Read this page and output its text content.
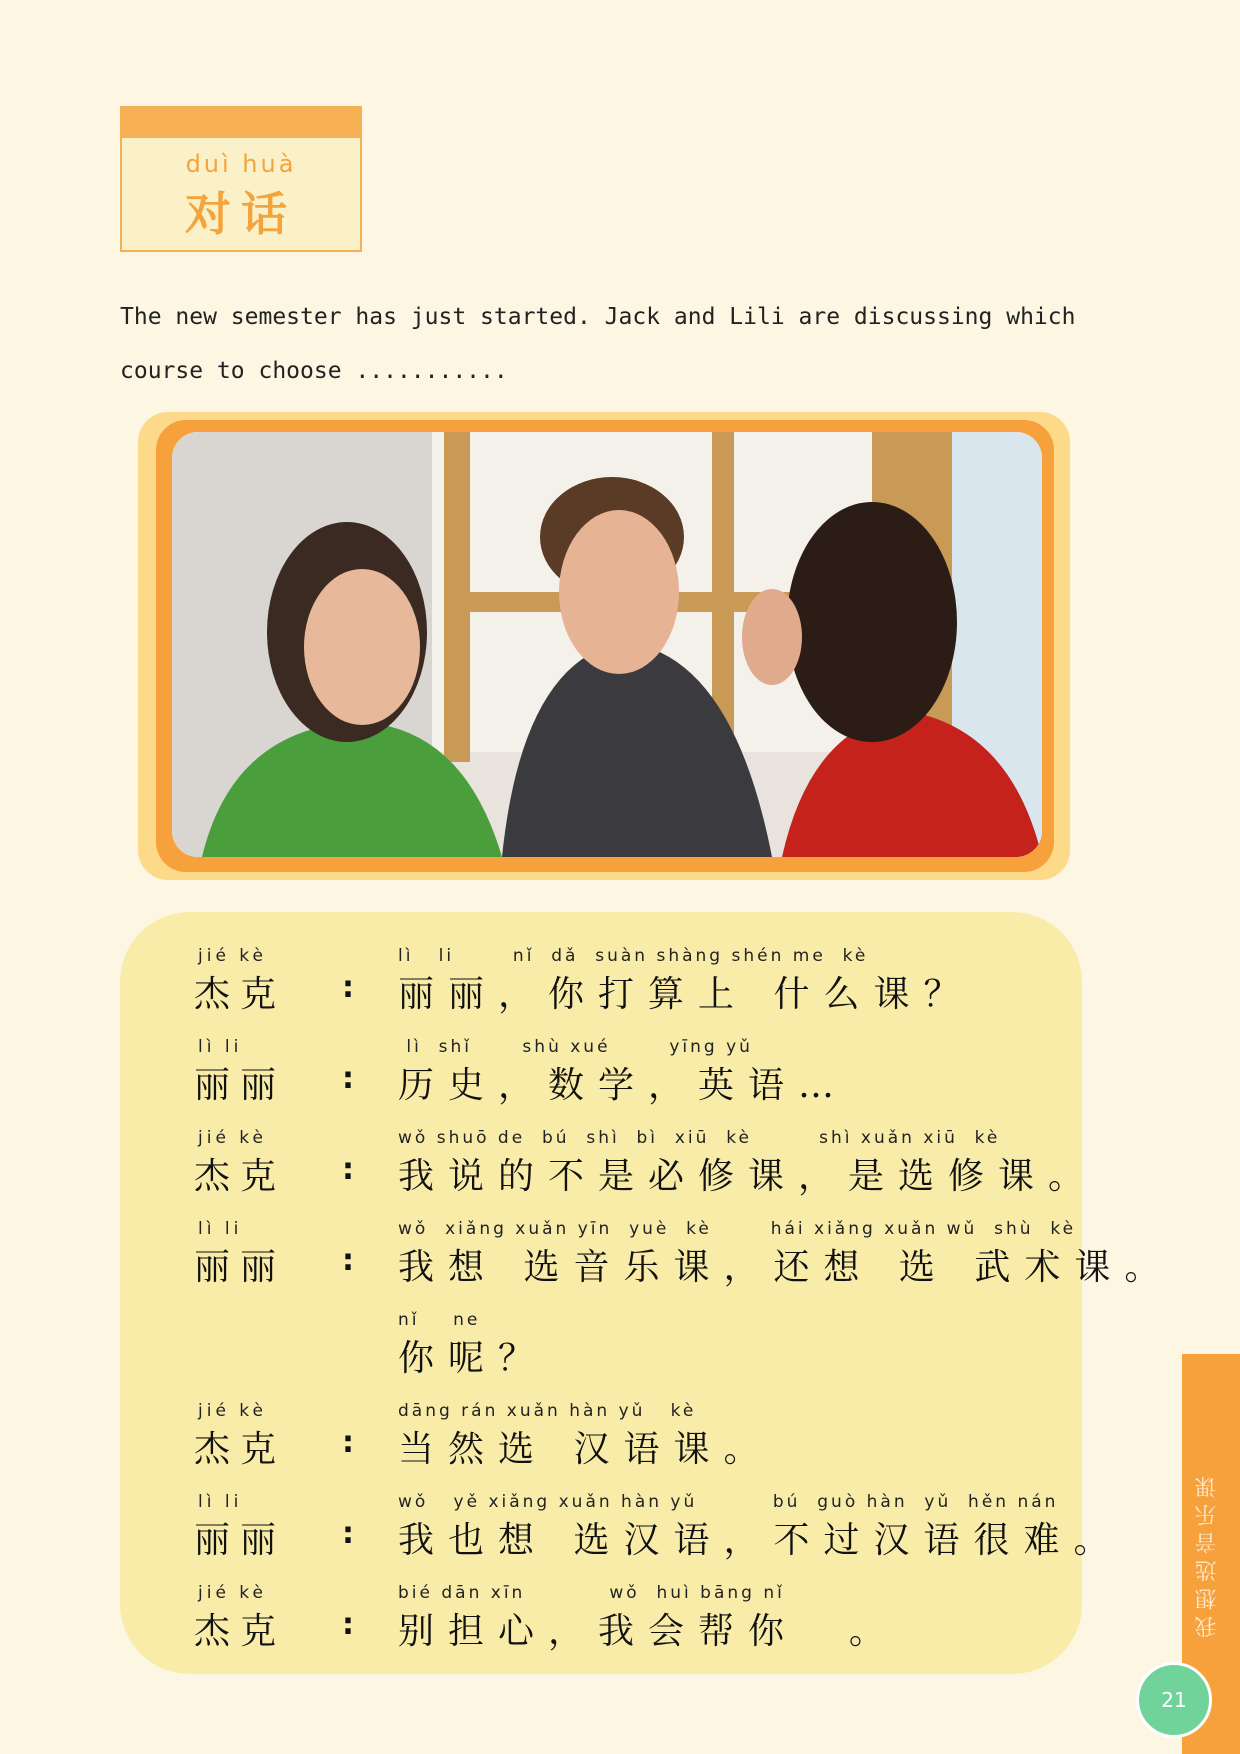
duì huà
对话
The new semester has just started. Jack and Lili are discussing which course to choose ...........
jié kè
杰克 :
lì   li       nǐ  dǎ  suàn shàng shén me  kè
丽丽，你打算上 什么课？
lì li
丽丽 :
lì  shǐ      shù xué       yīng yǔ
历史，数学，英语…
jié kè
杰克 :
wǒ shuō de  bú  shì  bì  xiū  kè        shì xuǎn xiū  kè
我说的不是必修课，是选修课。
lì li
丽丽 :
wǒ  xiǎng xuǎn yīn  yuè  kè       hái xiǎng xuǎn wǔ  shù  kè
我想 选音乐课，还想 选 武术课。
nǐ    ne
你呢？
jié kè
杰克 :
dāng rán xuǎn hàn yǔ   kè
当然选 汉语课。
lì li
丽丽 :
wǒ   yě xiǎng xuǎn hàn yǔ         bú  guò hàn  yǔ  hěn nán
我也想 选汉语，不过汉语很难。
jié kè
杰克 :
bié dān xīn          wǒ  huì bāng nǐ
别担心，我会帮你  。	我想选音乐课
21
